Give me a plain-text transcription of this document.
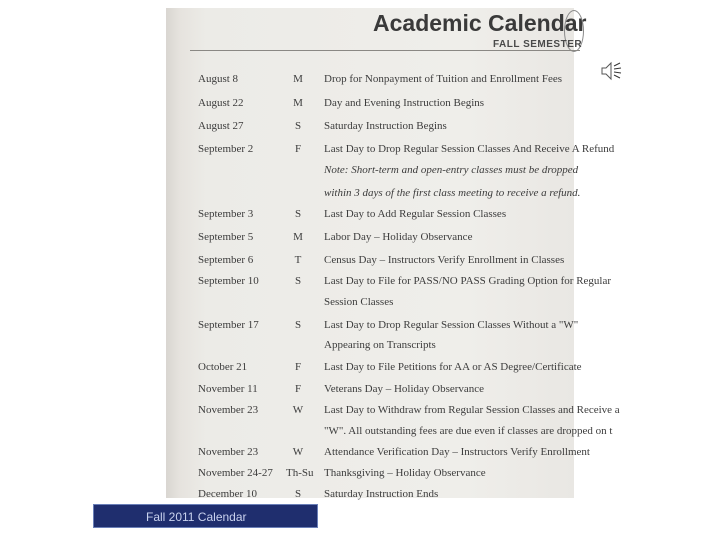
Academic Calendar
FALL SEMESTER
August 8	M	Drop for Nonpayment of Tuition and Enrollment Fees
August 22	M	Day and Evening Instruction Begins
August 27	S	Saturday Instruction Begins
September 2	F	Last Day to Drop Regular Session Classes And Receive A Refund
Note: Short-term and open-entry classes must be dropped
within 3 days of the first class meeting to receive a refund.
September 3	S	Last Day to Add Regular Session Classes
September 5	M	Labor Day – Holiday Observance
September 6	T	Census Day – Instructors Verify Enrollment in Classes
September 10	S	Last Day to File for PASS/NO PASS Grading Option for Regular
Session Classes
September 17	S	Last Day to Drop Regular Session Classes Without a "W"
Appearing on Transcripts
October 21	F	Last Day to File Petitions for AA or AS Degree/Certificate
November 11	F	Veterans Day – Holiday Observance
November 23	W	Last Day to Withdraw from Regular Session Classes and Receive a
"W". All outstanding fees are due even if classes are dropped on t
November 23	W	Attendance Verification Day – Instructors Verify Enrollment
November 24-27 Th-Su Thanksgiving – Holiday Observance
December 10	S	Saturday Instruction Ends
Fall 2011 Calendar
